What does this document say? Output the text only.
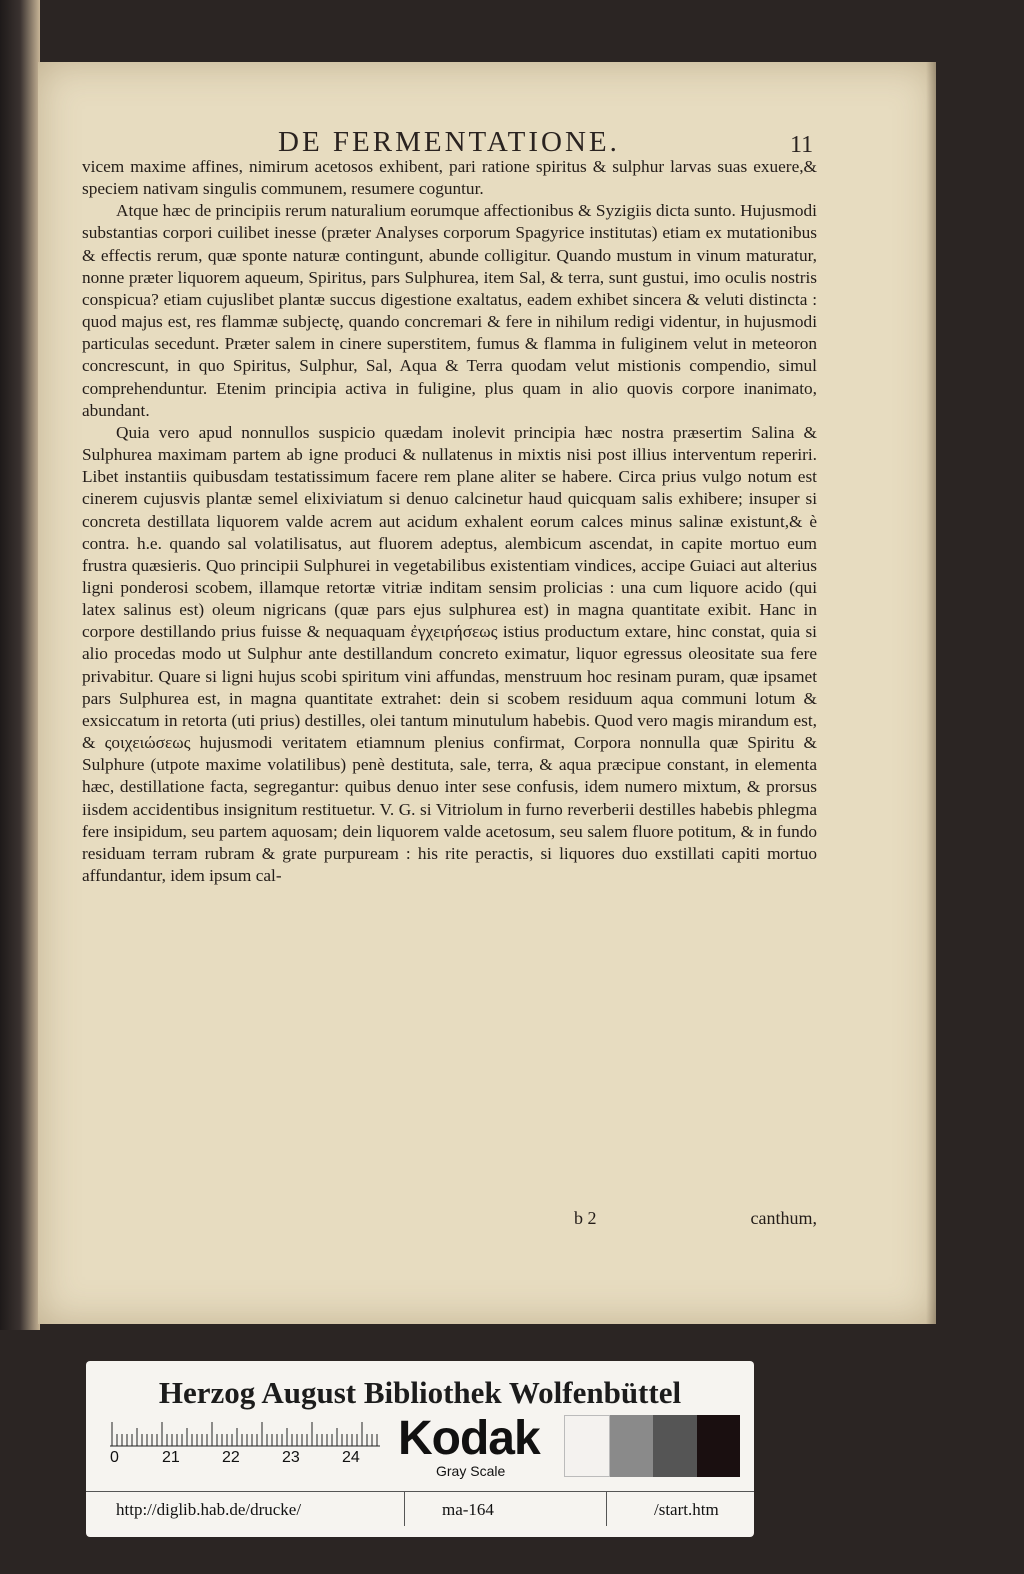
DE FERMENTATIONE.	11

vicem maxime affines, nimirum acetosos exhibent, pari ratione spiritus & sulphur larvas suas exuere,& speciem nativam singulis communem, resumere coguntur.

Atque hæc de principiis rerum naturalium eorumque affectionibus & Syzigiis dicta sunto. Hujusmodi substantias corpori cuilibet inesse (præter Analyses corporum Spagyrice institutas) etiam ex mutationibus & effectis rerum, quæ sponte naturæ contingunt, abunde colligitur. Quando mustum in vinum maturatur, nonne præter liquorem aqueum, Spiritus, pars Sulphurea, item Sal, & terra, sunt gustui, imo oculis nostris conspicua? etiam cujuslibet plantæ succus digestione exaltatus, eadem exhibet sincera & veluti distincta : quod majus est, res flammæ subjectę, quando concremari & fere in nihilum redigi videntur, in hujusmodi particulas secedunt. Præter salem in cinere superstitem, fumus & flamma in fuliginem velut in meteoron concrescunt, in quo Spiritus, Sulphur, Sal, Aqua & Terra quodam velut mistionis compendio, simul comprehenduntur. Etenim principia activa in fuligine, plus quam in alio quovis corpore inanimato, abundant.

Quia vero apud nonnullos suspicio quædam inolevit principia hæc nostra præsertim Salina & Sulphurea maximam partem ab igne produci & nullatenus in mixtis nisi post illius interventum reperiri. Libet instantiis quibusdam testatissimum facere rem plane aliter se habere. Circa prius vulgo notum est cinerem cujusvis plantæ semel elixiviatum si denuo calcinetur haud quicquam salis exhibere; insuper si concreta destillata liquorem valde acrem aut acidum exhalent eorum calces minus salinæ existunt,& è contra. h.e. quando sal volatilisatus, aut fluorem adeptus, alembicum ascendat, in capite mortuo eum frustra quæsieris. Quo principii Sulphurei in vegetabilibus existentiam vindices, accipe Guiaci aut alterius ligni ponderosi scobem, illamque retortæ vitriæ inditam sensim prolicias : una cum liquore acido (qui latex salinus est) oleum nigricans (quæ pars ejus sulphurea est) in magna quantitate exibit. Hanc in corpore destillando prius fuisse & nequaquam ἐγχειρήσεως istius productum extare, hinc constat, quia si alio procedas modo ut Sulphur ante destillandum concreto eximatur, liquor egressus oleositate sua fere privabitur. Quare si ligni hujus scobi spiritum vini affundas, menstruum hoc resinam puram, quæ ipsamet pars Sulphurea est, in magna quantitate extrahet: dein si scobem residuum aqua communi lotum & exsiccatum in retorta (uti prius) destilles, olei tantum minutulum habebis. Quod vero magis mirandum est, & ςοιχειώσεως hujusmodi veritatem etiamnum plenius confirmat, Corpora nonnulla quæ Spiritu & Sulphure (utpote maxime volatilibus) penè destituta, sale, terra, & aqua præcipue constant, in elementa hæc, destillatione facta, segregantur: quibus denuo inter sese confusis, idem numero mixtum, & prorsus iisdem accidentibus insignitum restituetur. V. G. si Vitriolum in furno reverberii destilles habebis phlegma fere insipidum, seu partem aquosam; dein liquorem valde acetosum, seu salem fluore potitum, & in fundo residuam terram rubram & grate purpuream : his rite peractis, si liquores duo exstillati capiti mortuo affundantur, idem ipsum cal-

b 2	canthum,
Herzog August Bibliothek Wolfenbüttel
0	21	22	23	24 Kodak
Gray Scale
http://diglib.hab.de/drucke/	ma-164	/start.htm
